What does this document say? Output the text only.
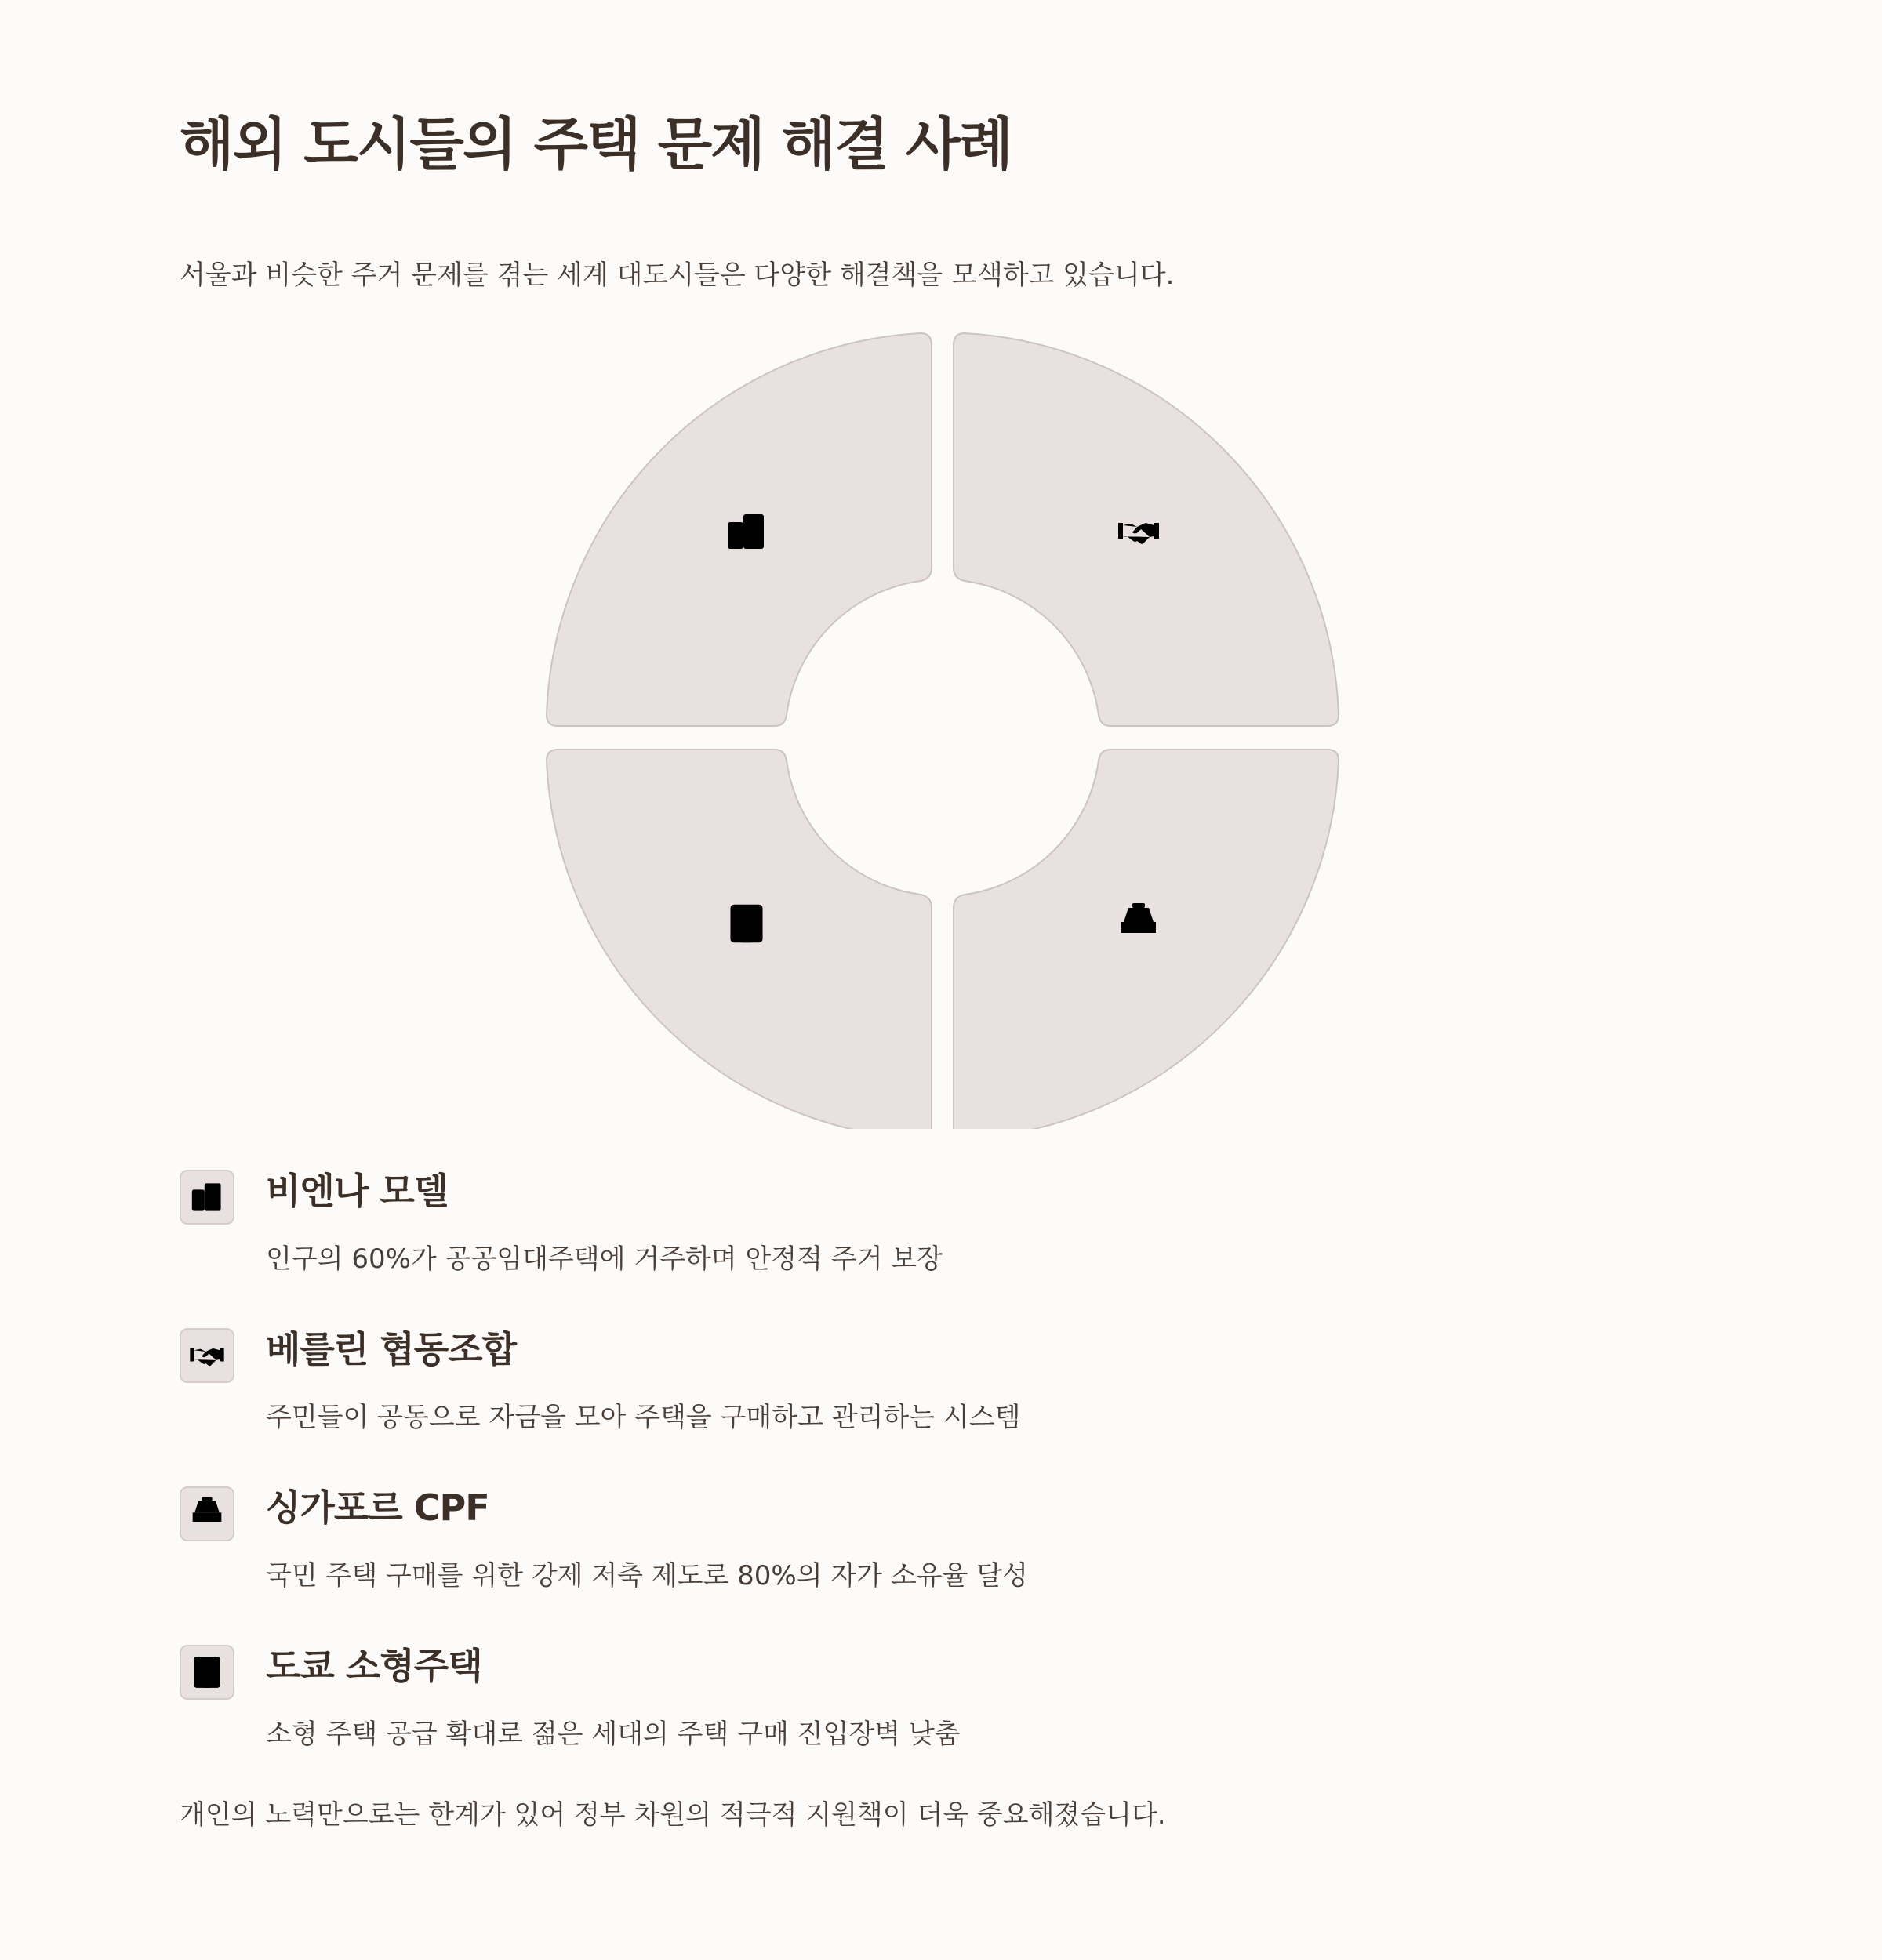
해외 도시들의 주택 문제 해결 사례

서울과 비슷한 주거 문제를 겪는 세계 대도시들은 다양한 해결책을 모색하고 있습니다.

비엔나 모델

인구의 60%가 공공임대주택에 거주하며 안정적 주거 보장

베를린 협동조합

주민들이 공동으로 자금을 모아 주택을 구매하고 관리하는 시스템

싱가포르 CPF

국민 주택 구매를 위한 강제 저축 제도로 80%의 자가 소유율 달성

도쿄 소형주택

소형 주택 공급 확대로 젊은 세대의 주택 구매 진입장벽 낮춤

개인의 노력만으로는 한계가 있어 정부 차원의 적극적 지원책이 더욱 중요해졌습니다.
